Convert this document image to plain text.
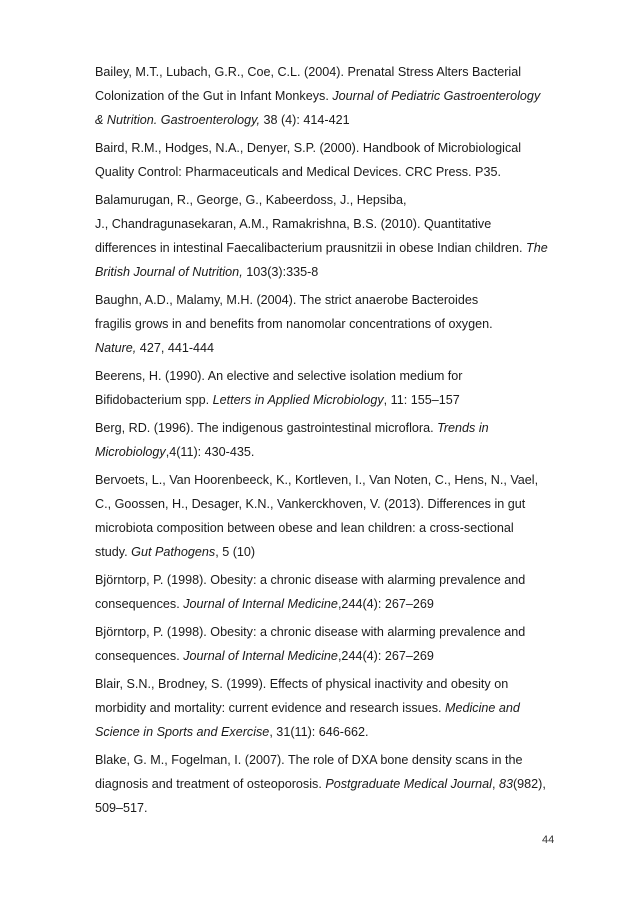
Bailey, M.T., Lubach, G.R., Coe, C.L. (2004). Prenatal Stress Alters Bacterial
Colonization of the Gut in Infant Monkeys. Journal of Pediatric Gastroenterology
& Nutrition. Gastroenterology, 38 (4): 414-421
Baird, R.M., Hodges, N.A., Denyer, S.P. (2000). Handbook of Microbiological
Quality Control: Pharmaceuticals and Medical Devices. CRC Press. P35.
Balamurugan, R., George, G., Kabeerdoss, J., Hepsiba,
J., Chandragunasekaran, A.M., Ramakrishna, B.S. (2010). Quantitative
differences in intestinal Faecalibacterium prausnitzii in obese Indian children. The
British Journal of Nutrition, 103(3):335-8
Baughn, A.D., Malamy, M.H. (2004). The strict anaerobe Bacteroides
fragilis grows in and benefits from nanomolar concentrations of oxygen.
Nature, 427, 441-444
Beerens, H. (1990). An elective and selective isolation medium for
Bifidobacterium spp. Letters in Applied Microbiology, 11: 155–157
Berg, RD. (1996). The indigenous gastrointestinal microflora. Trends in
Microbiology,4(11): 430-435.
Bervoets, L., Van Hoorenbeeck, K., Kortleven, I., Van Noten, C., Hens, N., Vael,
C., Goossen, H., Desager, K.N., Vankerckhoven, V. (2013). Differences in gut
microbiota composition between obese and lean children: a cross-sectional
study. Gut Pathogens, 5 (10)
Björntorp, P. (1998). Obesity: a chronic disease with alarming prevalence and
consequences. Journal of Internal Medicine,244(4): 267–269
Björntorp, P. (1998). Obesity: a chronic disease with alarming prevalence and
consequences. Journal of Internal Medicine,244(4): 267–269
Blair, S.N., Brodney, S. (1999). Effects of physical inactivity and obesity on
morbidity and mortality: current evidence and research issues. Medicine and
Science in Sports and Exercise, 31(11): 646-662.
Blake, G. M., Fogelman, I. (2007). The role of DXA bone density scans in the
diagnosis and treatment of osteoporosis. Postgraduate Medical Journal, 83(982),
509–517.
44
